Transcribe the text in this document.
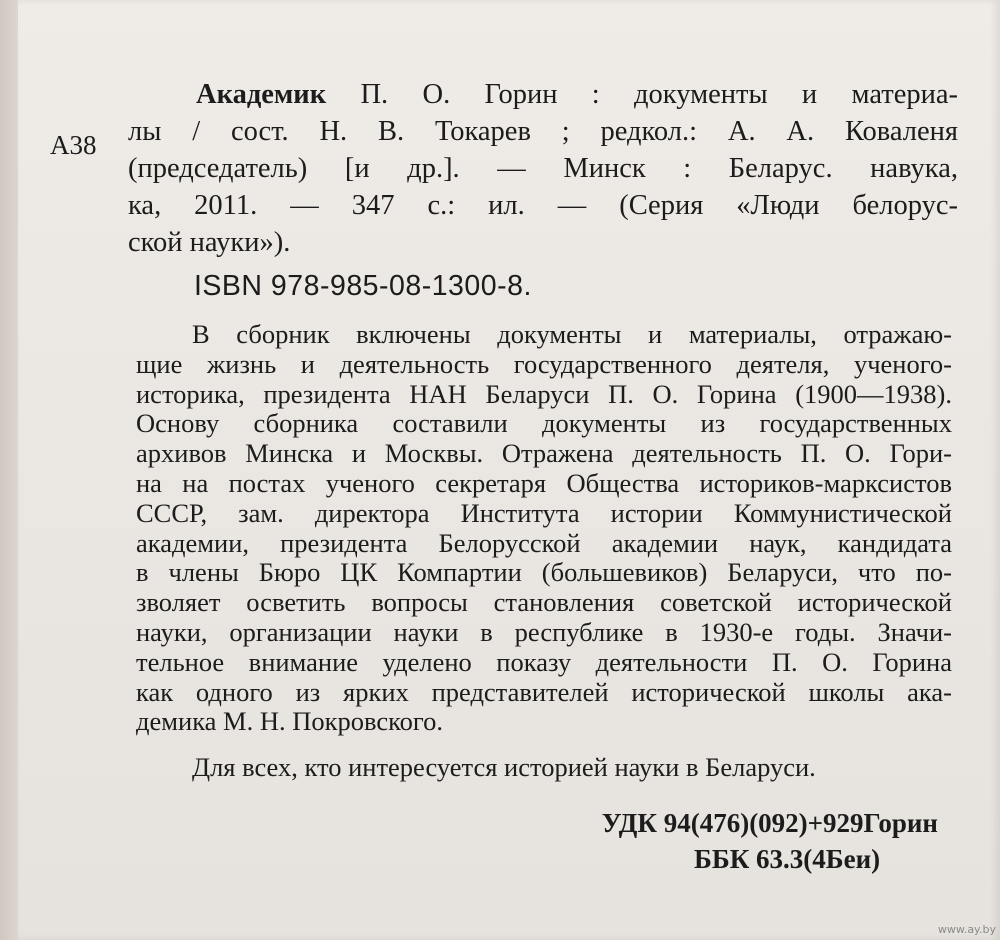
А38
Академик П. О. Горин : документы и материа-
лы / сост. Н. В. Токарев ; редкол.: А. А. Коваленя
(председатель) [и др.]. — Минск : Беларус. навука,
ка, 2011. — 347 с.: ил. — (Серия «Люди белорус-
ской науки»).
ISBN 978-985-08-1300-8.
В сборник включены документы и материалы, отражаю-
щие жизнь и деятельность государственного деятеля, ученого-
историка, президента НАН Беларуси П. О. Горина (1900—1938).
Основу сборника составили документы из государственных
архивов Минска и Москвы. Отражена деятельность П. О. Гори-
на на постах ученого секретаря Общества историков-марксистов
СССР, зам. директора Института истории Коммунистической
академии, президента Белорусской академии наук, кандидата
в члены Бюро ЦК Компартии (большевиков) Беларуси, что по-
зволяет осветить вопросы становления советской исторической
науки, организации науки в республике в 1930-е годы. Значи-
тельное внимание уделено показу деятельности П. О. Горина
как одного из ярких представителей исторической школы ака-
демика М. Н. Покровского.
Для всех, кто интересуется историей науки в Беларуси.
УДК 94(476)(092)+929Горин
ББК 63.3(4Беи)
www.ay.by
